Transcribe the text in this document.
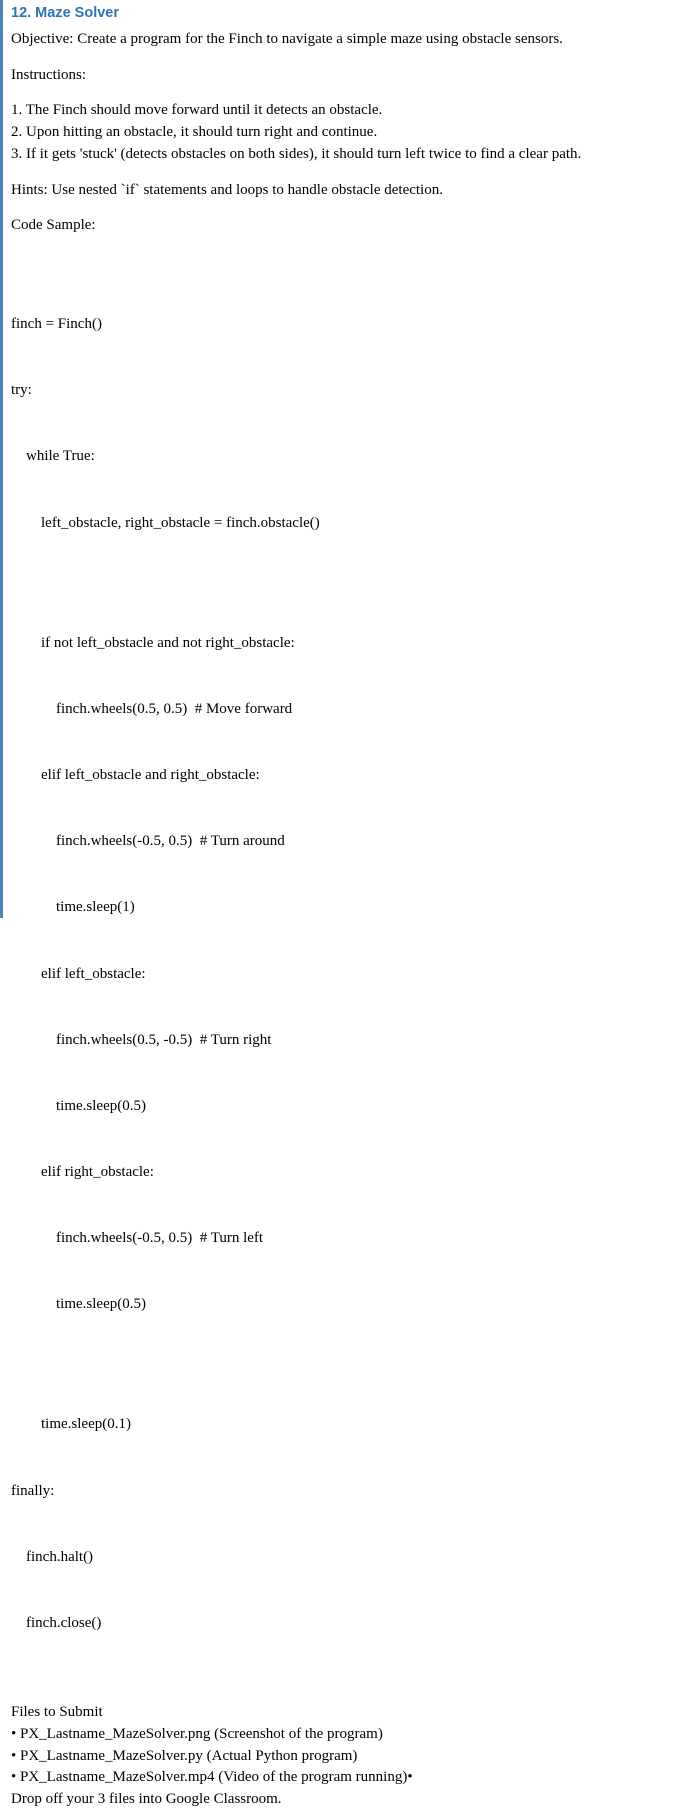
12. Maze Solver

Objective: Create a program for the Finch to navigate a simple maze using obstacle sensors.

Instructions:

1. The Finch should move forward until it detects an obstacle.

2. Upon hitting an obstacle, it should turn right and continue.

3. If it gets 'stuck' (detects obstacles on both sides), it should turn left twice to find a clear path.

Hints: Use nested `if` statements and loops to handle obstacle detection.

Code Sample:

finch = Finch()

try:

while True:

left_obstacle, right_obstacle = finch.obstacle()

if not left_obstacle and not right_obstacle:

finch.wheels(0.5, 0.5)  # Move forward

elif left_obstacle and right_obstacle:

finch.wheels(-0.5, 0.5)  # Turn around

time.sleep(1)

elif left_obstacle:

finch.wheels(0.5, -0.5)  # Turn right

time.sleep(0.5)

elif right_obstacle:

finch.wheels(-0.5, 0.5)  # Turn left

time.sleep(0.5)

time.sleep(0.1)

finally:

finch.halt()

finch.close()

Files to Submit

• PX_Lastname_MazeSolver.png (Screenshot of the program)

• PX_Lastname_MazeSolver.py (Actual Python program)

• PX_Lastname_MazeSolver.mp4 (Video of the program running)•

Drop off your 3 files into Google Classroom.
